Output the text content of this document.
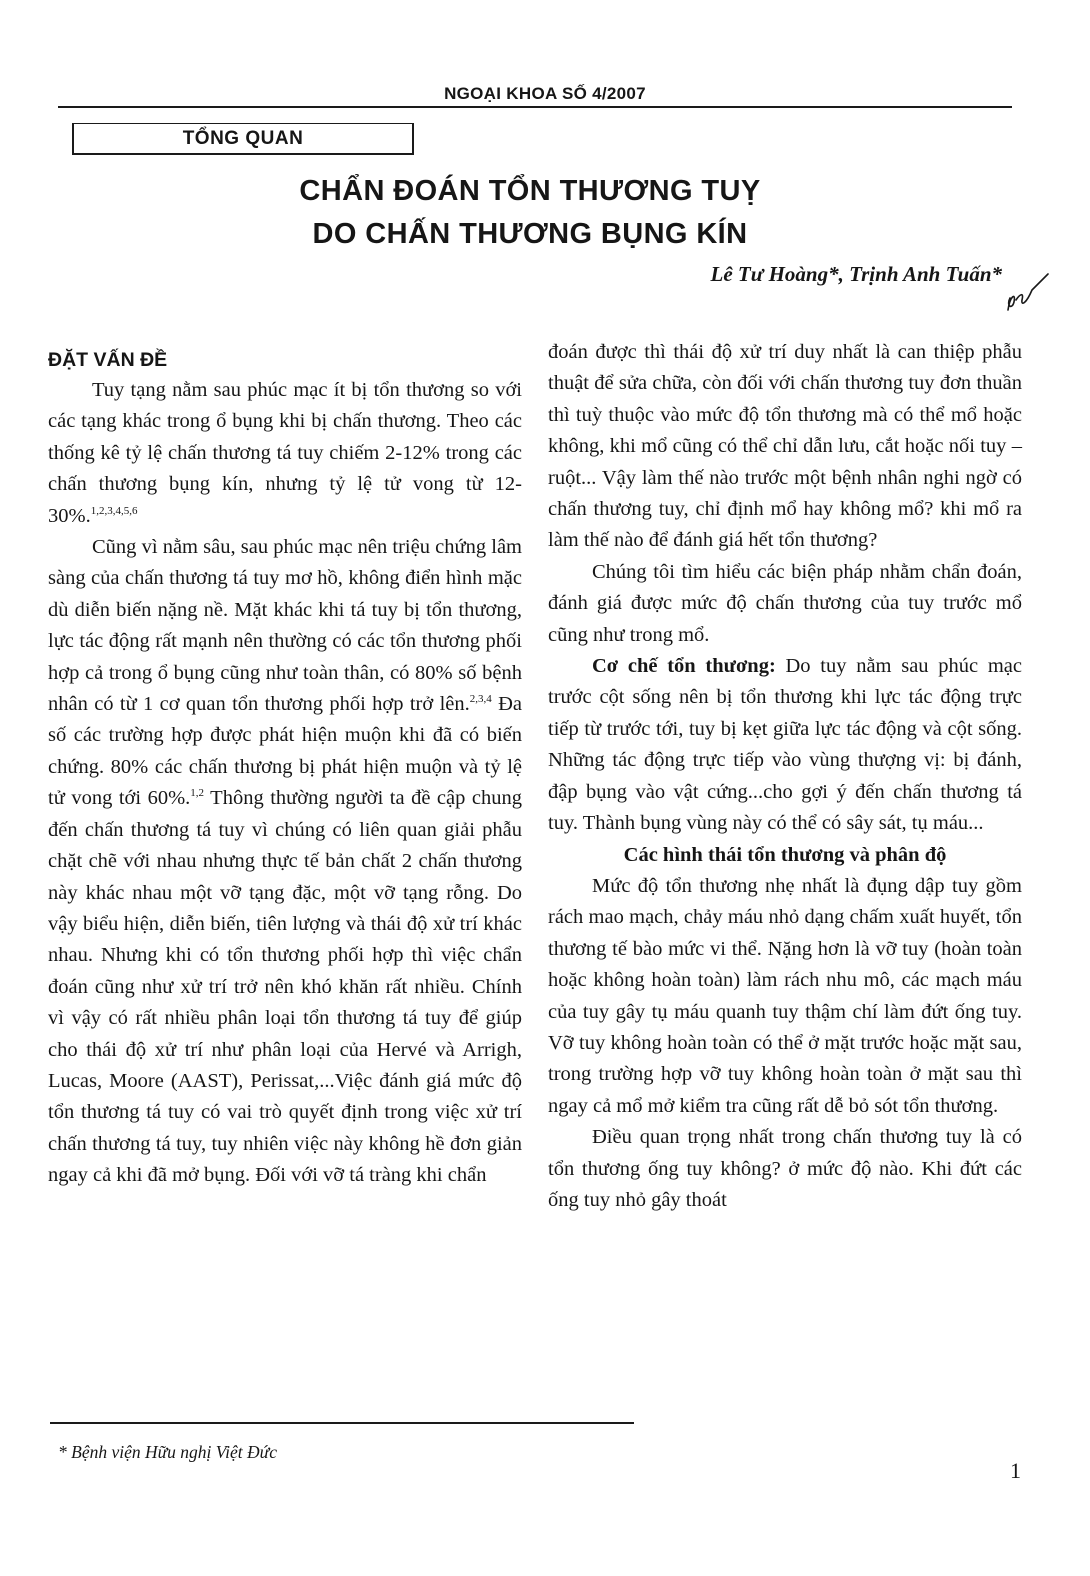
NGOẠI KHOA SỐ 4/2007
TỔNG QUAN
CHẨN ĐOÁN TỔN THƯƠNG TUỴ
DO CHẤN THƯƠNG BỤNG KÍN
Lê Tư Hoàng*, Trịnh Anh Tuấn*
ĐẶT VẤN ĐỀ

Tuy tạng nằm sau phúc mạc ít bị tổn thương so với các tạng khác trong ổ bụng khi bị chấn thương. Theo các thống kê tỷ lệ chấn thương tá tuy chiếm 2-12% trong các chấn thương bụng kín, nhưng tỷ lệ tử vong từ 12-30%.$^{1,2,3,4,5,6}$

Cũng vì nằm sâu, sau phúc mạc nên triệu chứng lâm sàng của chấn thương tá tuy mơ hồ, không điển hình mặc dù diễn biến nặng nề. Mặt khác khi tá tuy bị tổn thương, lực tác động rất mạnh nên thường có các tổn thương phối hợp cả trong ổ bụng cũng như toàn thân, có 80% số bệnh nhân có từ 1 cơ quan tổn thương phối hợp trở lên.$^{2,3,4}$ Đa số các trường hợp được phát hiện muộn khi đã có biến chứng. 80% các chấn thương bị phát hiện muộn và tỷ lệ tử vong tới 60%.$^{1,2}$ Thông thường người ta đề cập chung đến chấn thương tá tuy vì chúng có liên quan giải phẫu chặt chẽ với nhau nhưng thực tế bản chất 2 chấn thương này khác nhau một vỡ tạng đặc, một vỡ tạng rỗng. Do vậy biểu hiện, diễn biến, tiên lượng và thái độ xử trí khác nhau. Nhưng khi có tổn thương phối hợp thì việc chẩn đoán cũng như xử trí trở nên khó khăn rất nhiều. Chính vì vậy có rất nhiều phân loại tổn thương tá tuy để giúp cho thái độ xử trí như phân loại của Hervé và Arrigh, Lucas, Moore (AAST), Perissat,...Việc đánh giá mức độ tổn thương tá tuy có vai trò quyết định trong việc xử trí chấn thương tá tuy, tuy nhiên việc này không hề đơn giản ngay cả khi đã mở bụng. Đối với vỡ tá tràng khi chẩn

đoán được thì thái độ xử trí duy nhất là can thiệp phẫu thuật để sửa chữa, còn đối với chấn thương tuy đơn thuần thì tuỳ thuộc vào mức độ tổn thương mà có thể mổ hoặc không, khi mổ cũng có thể chỉ dẫn lưu, cắt hoặc nối tuy – ruột... Vậy làm thế nào trước một bệnh nhân nghi ngờ có chấn thương tuy, chỉ định mổ hay không mổ? khi mổ ra làm thế nào để đánh giá hết tổn thương?

Chúng tôi tìm hiểu các biện pháp nhằm chẩn đoán, đánh giá được mức độ chấn thương của tuy trước mổ cũng như trong mổ.

Cơ chế tổn thương: Do tuy nằm sau phúc mạc trước cột sống nên bị tổn thương khi lực tác động trực tiếp từ trước tới, tuy bị kẹt giữa lực tác động và cột sống. Những tác động trực tiếp vào vùng thượng vị: bị đánh, đập bụng vào vật cứng...cho gợi ý đến chấn thương tá tuy. Thành bụng vùng này có thể có sây sát, tụ máu...

Các hình thái tổn thương và phân độ

Mức độ tổn thương nhẹ nhất là đụng dập tuy gồm rách mao mạch, chảy máu nhỏ dạng chấm xuất huyết, tổn thương tế bào mức vi thể. Nặng hơn là vỡ tuy (hoàn toàn hoặc không hoàn toàn) làm rách nhu mô, các mạch máu của tuy gây tụ máu quanh tuy thậm chí làm đứt ống tuy. Vỡ tuy không hoàn toàn có thể ở mặt trước hoặc mặt sau, trong trường hợp vỡ tuy không hoàn toàn ở mặt sau thì ngay cả mổ mở kiểm tra cũng rất dễ bỏ sót tổn thương.

Điều quan trọng nhất trong chấn thương tuy là có tổn thương ống tuy không? ở mức độ nào. Khi đứt các ống tuy nhỏ gây thoát

* Bệnh viện Hữu nghị Việt Đức
1
